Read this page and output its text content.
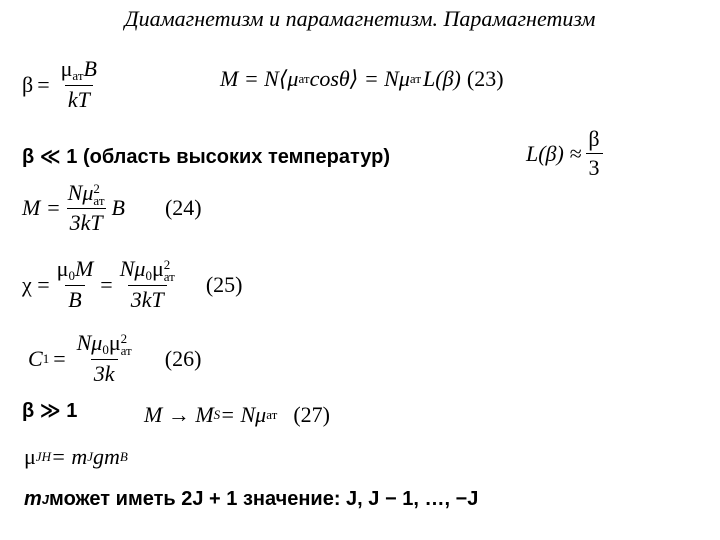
Диамагнетизм и парамагнетизм. Парамагнетизм
$\beta = \frac{\mu_{ат}B}{kT}$	M = N⟨μ ат cosθ⟩ = Nμ ат L(β) (23)
β ≪ 1 (область высоких температур)	$L(\beta) \approx \frac{\beta}{3}$
M = Nμ 2
ат
3kT B (24)
$\chi = \frac{\mu_0M}{B} = N\mu_0\mu$ 2
ат
3kT (25)
C $1 = N\mu_0\mu$ 2
ат
3k (26)
β ≫ 1	M → M S = Nμ ат (27)
μ JH = m J gm B
m J может иметь 2J + 1 значение: J, J − 1, …, −J
